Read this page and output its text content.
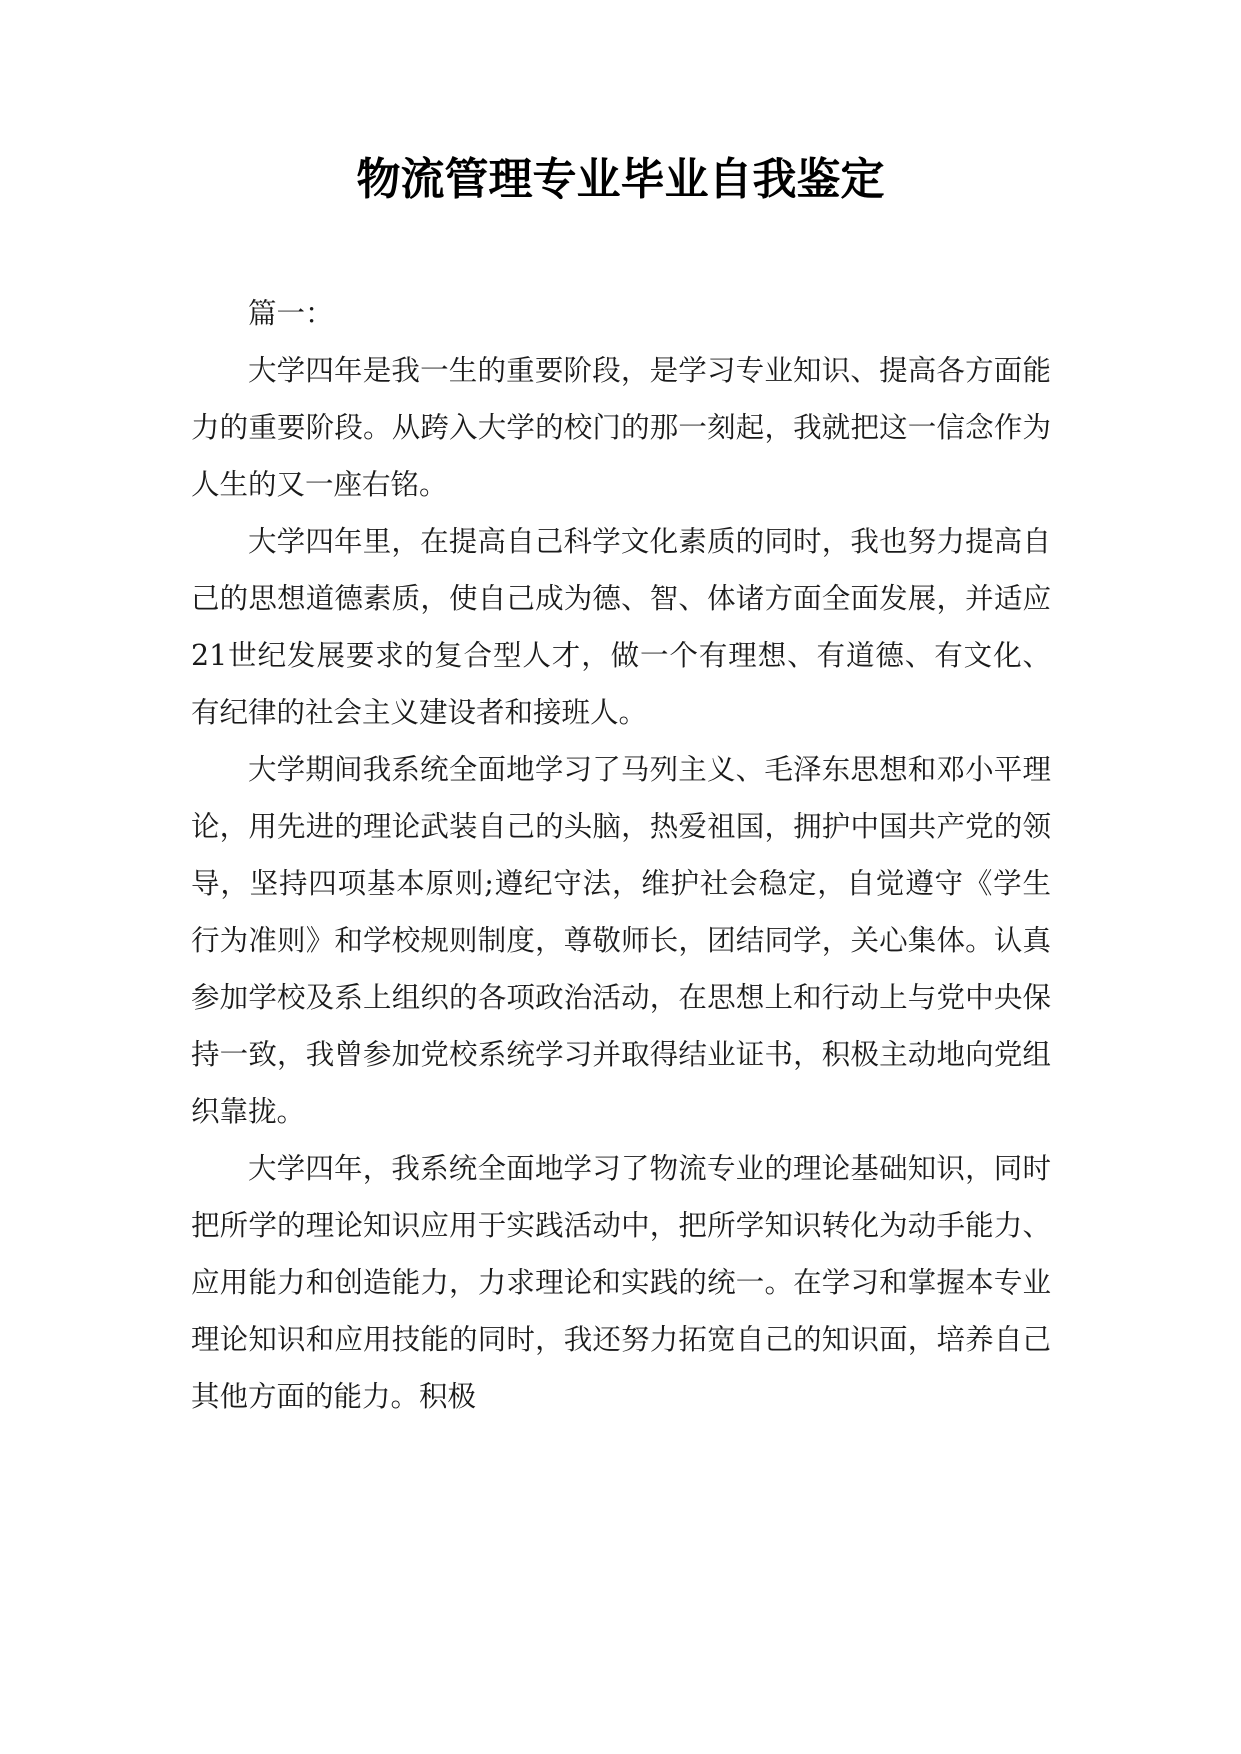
物流管理专业毕业自我鉴定

篇一：

大学四年是我一生的重要阶段，是学习专业知识、提高各方面能力的重要阶段。从跨入大学的校门的那一刻起，我就把这一信念作为人生的又一座右铭。

大学四年里，在提高自己科学文化素质的同时，我也努力提高自己的思想道德素质，使自己成为德、智、体诸方面全面发展，并适应21世纪发展要求的复合型人才，做一个有理想、有道德、有文化、有纪律的社会主义建设者和接班人。

大学期间我系统全面地学习了马列主义、毛泽东思想和邓小平理论，用先进的理论武装自己的头脑，热爱祖国，拥护中国共产党的领导，坚持四项基本原则;遵纪守法，维护社会稳定，自觉遵守《学生行为准则》和学校规则制度，尊敬师长，团结同学，关心集体。认真参加学校及系上组织的各项政治活动，在思想上和行动上与党中央保持一致，我曾参加党校系统学习并取得结业证书，积极主动地向党组织靠拢。

大学四年，我系统全面地学习了物流专业的理论基础知识，同时把所学的理论知识应用于实践活动中，把所学知识转化为动手能力、应用能力和创造能力，力求理论和实践的统一。在学习和掌握本专业理论知识和应用技能的同时，我还努力拓宽自己的知识面，培养自己其他方面的能力。积极
